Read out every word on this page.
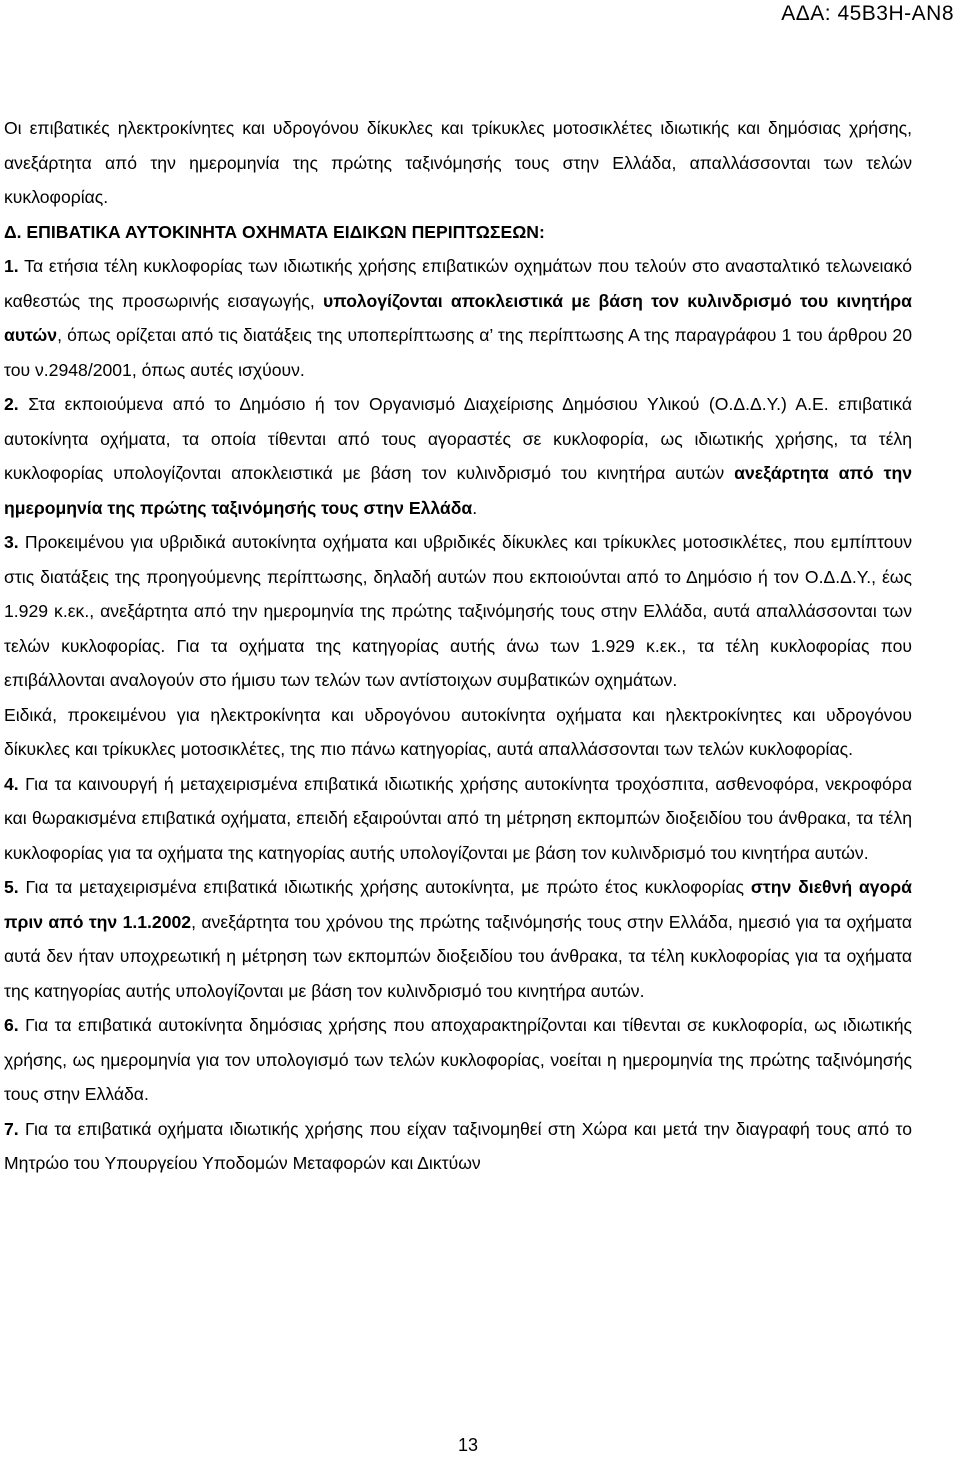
ΑΔΑ: 45Β3Η-ΑΝ8

Οι επιβατικές ηλεκτροκίνητες και υδρογόνου δίκυκλες και τρίκυκλες μοτοσικλέτες ιδιωτικής και δημόσιας χρήσης, ανεξάρτητα από την ημερομηνία της πρώτης ταξινόμησής τους στην Ελλάδα, απαλλάσσονται των τελών κυκλοφορίας.

Δ. ΕΠΙΒΑΤΙΚΑ ΑΥΤΟΚΙΝΗΤΑ ΟΧΗΜΑΤΑ ΕΙΔΙΚΩΝ ΠΕΡΙΠΤΩΣΕΩΝ:

1. Τα ετήσια τέλη κυκλοφορίας των ιδιωτικής χρήσης επιβατικών οχημάτων που τελούν στο ανασταλτικό τελωνειακό καθεστώς της προσωρινής εισαγωγής, υπολογίζονται αποκλειστικά με βάση τον κυλινδρισμό του κινητήρα αυτών, όπως ορίζεται από τις διατάξεις της υποπερίπτωσης α’ της περίπτωσης Α της παραγράφου 1 του άρθρου 20 του ν.2948/2001, όπως αυτές ισχύουν.

2. Στα εκποιούμενα από το Δημόσιο ή τον Οργανισμό Διαχείρισης Δημόσιου Υλικού (Ο.Δ.Δ.Υ.) Α.Ε. επιβατικά αυτοκίνητα οχήματα, τα οποία τίθενται από τους αγοραστές σε κυκλοφορία, ως ιδιωτικής χρήσης, τα τέλη κυκλοφορίας υπολογίζονται αποκλειστικά με βάση τον κυλινδρισμό του κινητήρα αυτών ανεξάρτητα από την ημερομηνία της πρώτης ταξινόμησής τους στην Ελλάδα.

3. Προκειμένου για υβριδικά αυτοκίνητα οχήματα και υβριδικές δίκυκλες και τρίκυκλες μοτοσικλέτες, που εμπίπτουν στις διατάξεις της προηγούμενης περίπτωσης, δηλαδή αυτών που εκποιούνται από το Δημόσιο ή τον Ο.Δ.Δ.Υ., έως 1.929 κ.εκ., ανεξάρτητα από την ημερομηνία της πρώτης ταξινόμησής τους στην Ελλάδα, αυτά απαλλάσσονται των τελών κυκλοφορίας. Για τα οχήματα της κατηγορίας αυτής άνω των 1.929 κ.εκ., τα τέλη κυκλοφορίας που επιβάλλονται αναλογούν στο ήμισυ των τελών των αντίστοιχων συμβατικών οχημάτων.

Ειδικά, προκειμένου για ηλεκτροκίνητα και υδρογόνου αυτοκίνητα οχήματα και ηλεκτροκίνητες και υδρογόνου δίκυκλες και τρίκυκλες μοτοσικλέτες, της πιο πάνω κατηγορίας, αυτά απαλλάσσονται των τελών κυκλοφορίας.

4. Για τα καινουργή ή μεταχειρισμένα επιβατικά ιδιωτικής χρήσης αυτοκίνητα τροχόσπιτα, ασθενοφόρα, νεκροφόρα και θωρακισμένα επιβατικά οχήματα, επειδή εξαιρούνται από τη μέτρηση εκπομπών διοξειδίου του άνθρακα, τα τέλη κυκλοφορίας για τα οχήματα της κατηγορίας αυτής υπολογίζονται με βάση τον κυλινδρισμό του κινητήρα αυτών.

5. Για τα μεταχειρισμένα επιβατικά ιδιωτικής χρήσης αυτοκίνητα, με πρώτο έτος κυκλοφορίας στην διεθνή αγορά πριν από την 1.1.2002, ανεξάρτητα του χρόνου της πρώτης ταξινόμησής τους στην Ελλάδα, ημεσιό για τα οχήματα αυτά δεν ήταν υποχρεωτική η μέτρηση των εκπομπών διοξειδίου του άνθρακα, τα τέλη κυκλοφορίας για τα οχήματα της κατηγορίας αυτής υπολογίζονται με βάση τον κυλινδρισμό του κινητήρα αυτών.

6. Για τα επιβατικά αυτοκίνητα δημόσιας χρήσης που αποχαρακτηρίζονται και τίθενται σε κυκλοφορία, ως ιδιωτικής χρήσης, ως ημερομηνία για τον υπολογισμό των τελών κυκλοφορίας, νοείται η ημερομηνία της πρώτης ταξινόμησής τους στην Ελλάδα.

7. Για τα επιβατικά οχήματα ιδιωτικής χρήσης που είχαν ταξινομηθεί στη Χώρα και μετά την διαγραφή τους από το Μητρώο του Υπουργείου Υποδομών Μεταφορών και Δικτύων

13
